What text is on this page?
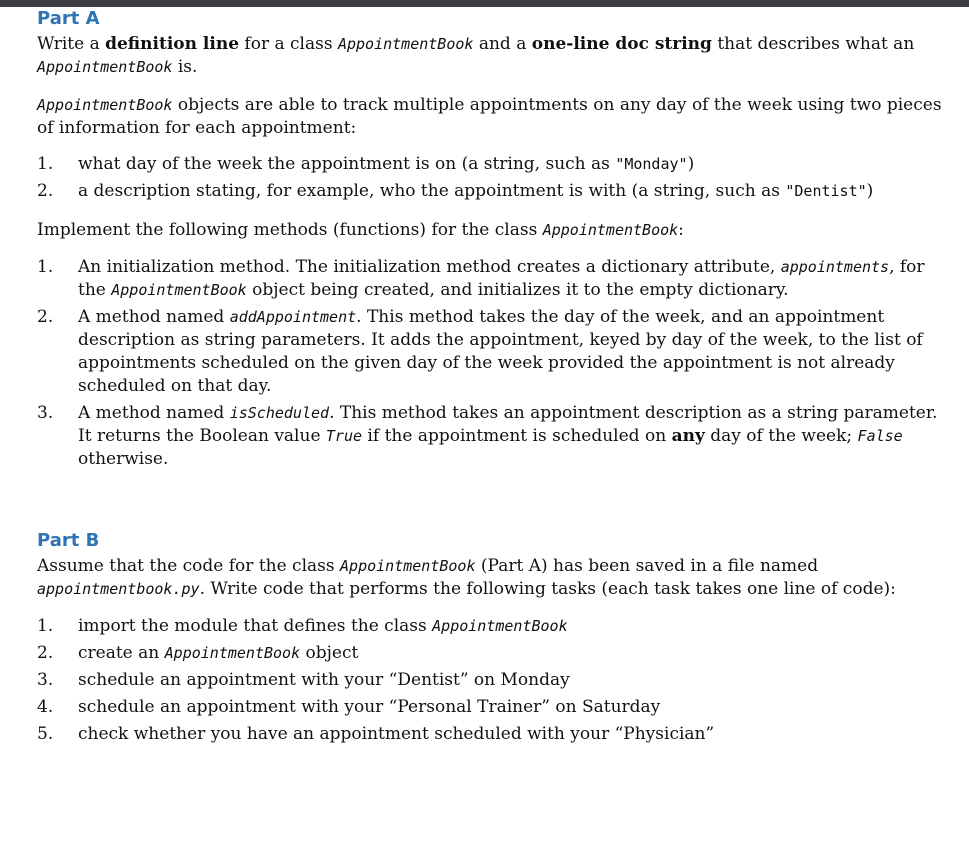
Part A

Write a definition line for a class AppointmentBook and a one-line doc string that describes what an AppointmentBook is.

AppointmentBook objects are able to track multiple appointments on any day of the week using two pieces of information for each appointment:

1. what day of the week the appointment is on (a string, such as "Monday")
2. a description stating, for example, who the appointment is with (a string, such as "Dentist")

Implement the following methods (functions) for the class AppointmentBook:

1. An initialization method. The initialization method creates a dictionary attribute, appointments, for the AppointmentBook object being created, and initializes it to the empty dictionary.
2. A method named addAppointment. This method takes the day of the week, and an appointment description as string parameters. It adds the appointment, keyed by day of the week, to the list of appointments scheduled on the given day of the week provided the appointment is not already scheduled on that day.
3. A method named isScheduled. This method takes an appointment description as a string parameter. It returns the Boolean value True if the appointment is scheduled on any day of the week; False otherwise.
Part B

Assume that the code for the class AppointmentBook (Part A) has been saved in a file named appointmentbook.py. Write code that performs the following tasks (each task takes one line of code):

1. import the module that defines the class AppointmentBook
2. create an AppointmentBook object
3. schedule an appointment with your “Dentist” on Monday
4. schedule an appointment with your “Personal Trainer” on Saturday
5. check whether you have an appointment scheduled with your “Physician”
